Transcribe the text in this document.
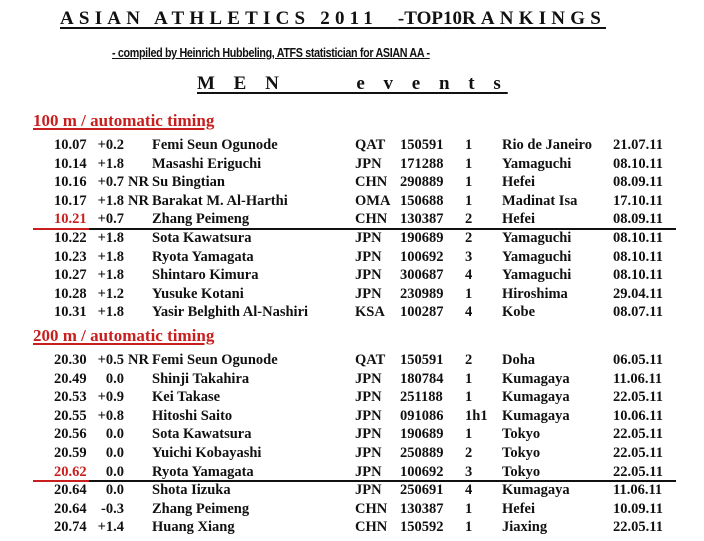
ASIAN ATHLETICS 2011 -TOP10RANKINGS
- compiled by Heinrich Hubbeling, ATFS statistician for ASIAN AA -
M E N      e v e n t s
100 m / automatic timing
10.07 +0.2 Femi Seun Ogunode	QAT 150591 1 Rio de Janeiro 21.07.11
10.14 +1.8 Masashi Eriguchi	JPN 171288 1 Yamaguchi	08.10.11
10.16 +0.7 NR Su Bingtian	CHN 290889 1 Hefei	08.09.11
10.17 +1.8 NR Barakat M. Al-Harthi	OMA 150688 1 Madinat Isa 17.10.11
10.21 +0.7 Zhang Peimeng	CHN 130387 2 Hefei	08.09.11
10.22 +1.8 Sota Kawatsura	JPN 190689 2 Yamaguchi	08.10.11
10.23 +1.8 Ryota Yamagata	JPN 100692 3 Yamaguchi	08.10.11
10.27 +1.8 Shintaro Kimura	JPN 300687 4 Yamaguchi	08.10.11
10.28 +1.2 Yusuke Kotani	JPN 230989 1 Hiroshima	29.04.11
10.31 +1.8 Yasir Belghith Al-Nashiri	KSA 100287 4 Kobe	08.07.11
200 m / automatic timing
20.30 +0.5 NR Femi Seun Ogunode	QAT 150591 2 Doha	06.05.11
20.49	0.0 Shinji Takahira	JPN 180784 1 Kumagaya	11.06.11
20.53 +0.9 Kei Takase	JPN 251188 1 Kumagaya	22.05.11
20.55 +0.8 Hitoshi Saito	JPN 091086 1h1 Kumagaya	10.06.11
20.56	0.0 Sota Kawatsura	JPN 190689 1 Tokyo	22.05.11
20.59	0.0 Yuichi Kobayashi	JPN 250889 2 Tokyo	22.05.11
20.62	0.0 Ryota Yamagata	JPN 100692 3 Tokyo	22.05.11
20.64	0.0 Shota Iizuka	JPN 250691 4 Kumagaya	11.06.11
20.64 -0.3 Zhang Peimeng	CHN 130387 1 Hefei	10.09.11
20.74 +1.4 Huang Xiang	CHN 150592 1 Jiaxing	22.05.11
